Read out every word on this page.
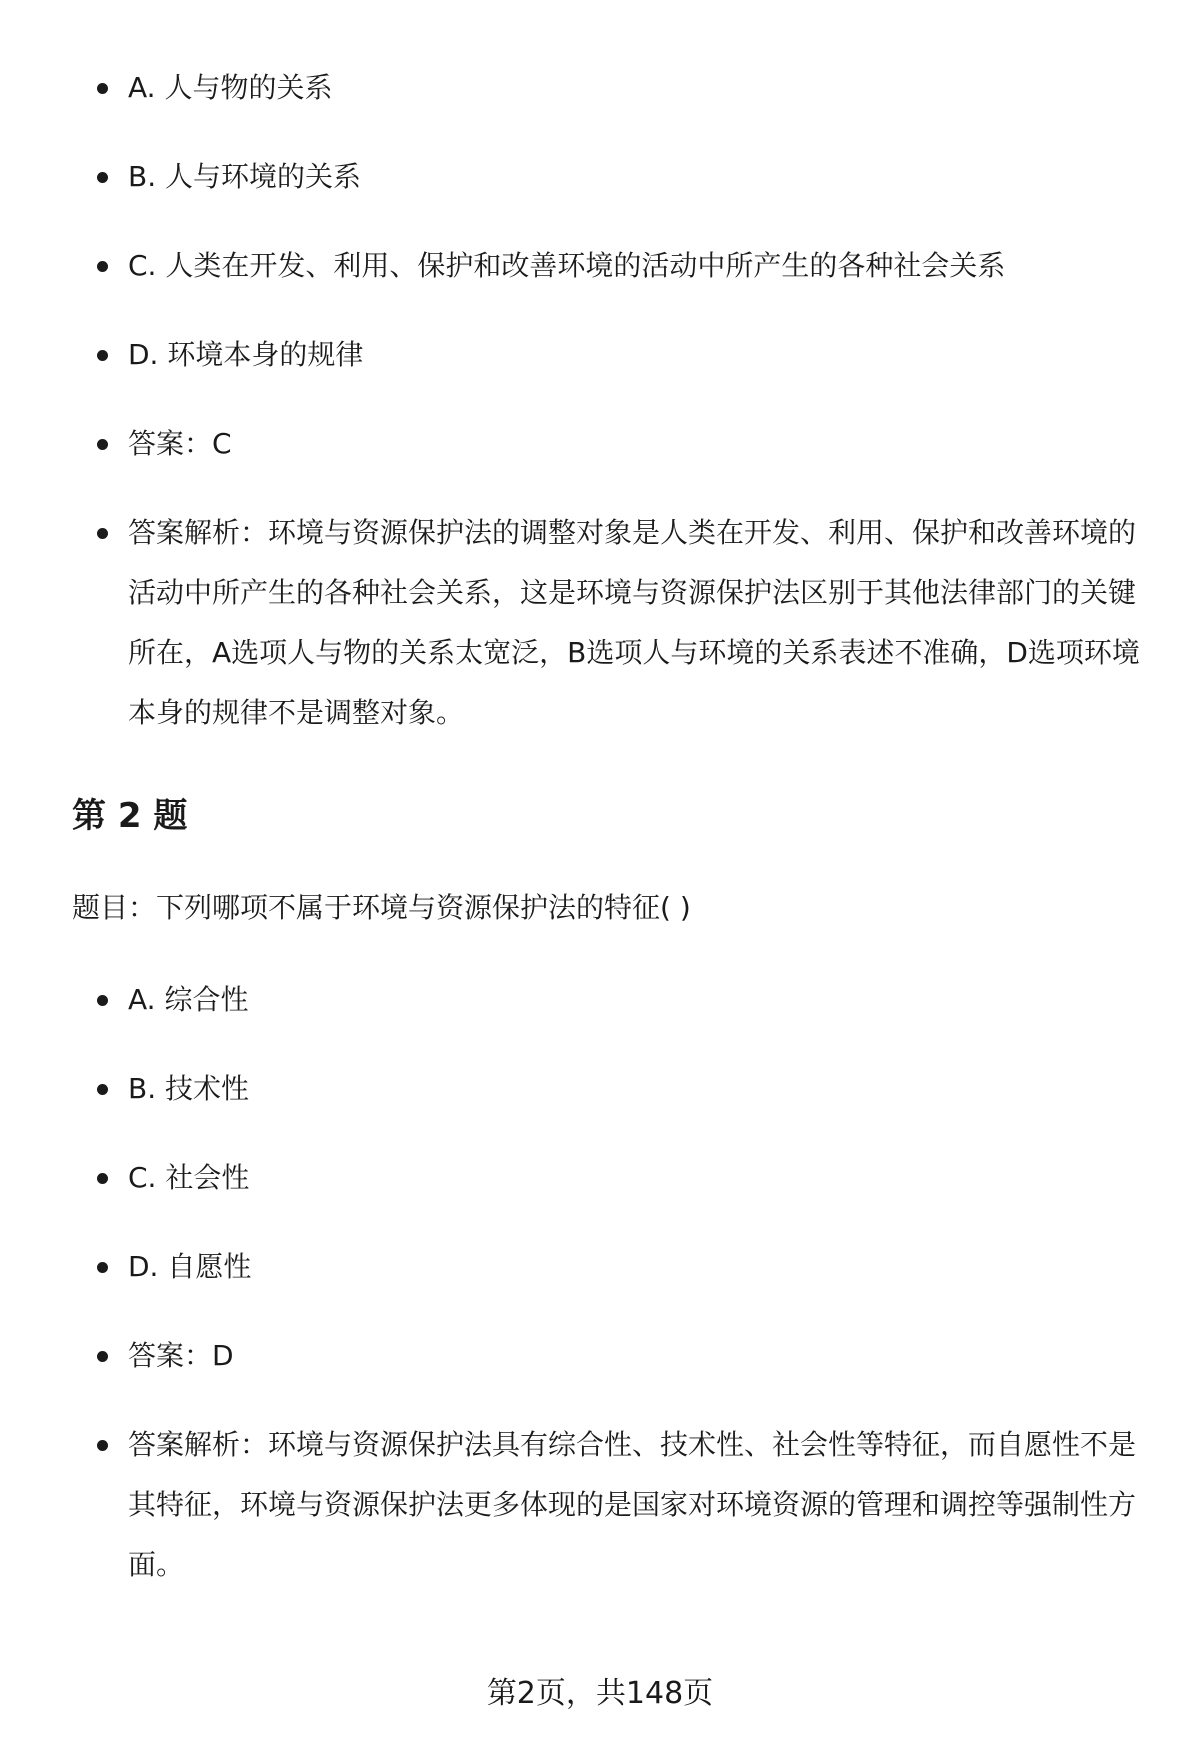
A. 人与物的关系
B. 人与环境的关系
C. 人类在开发、利用、保护和改善环境的活动中所产生的各种社会关系
D. 环境本身的规律
答案：C
答案解析：环境与资源保护法的调整对象是人类在开发、利用、保护和改善环境的活动中所产生的各种社会关系，这是环境与资源保护法区别于其他法律部门的关键所在，A选项人与物的关系太宽泛，B选项人与环境的关系表述不准确，D选项环境本身的规律不是调整对象。
第 2 题

题目：下列哪项不属于环境与资源保护法的特征( )

A. 综合性
B. 技术性
C. 社会性
D. 自愿性
答案：D
答案解析：环境与资源保护法具有综合性、技术性、社会性等特征，而自愿性不是其特征，环境与资源保护法更多体现的是国家对环境资源的管理和调控等强制性方面。
第2页，共148页
